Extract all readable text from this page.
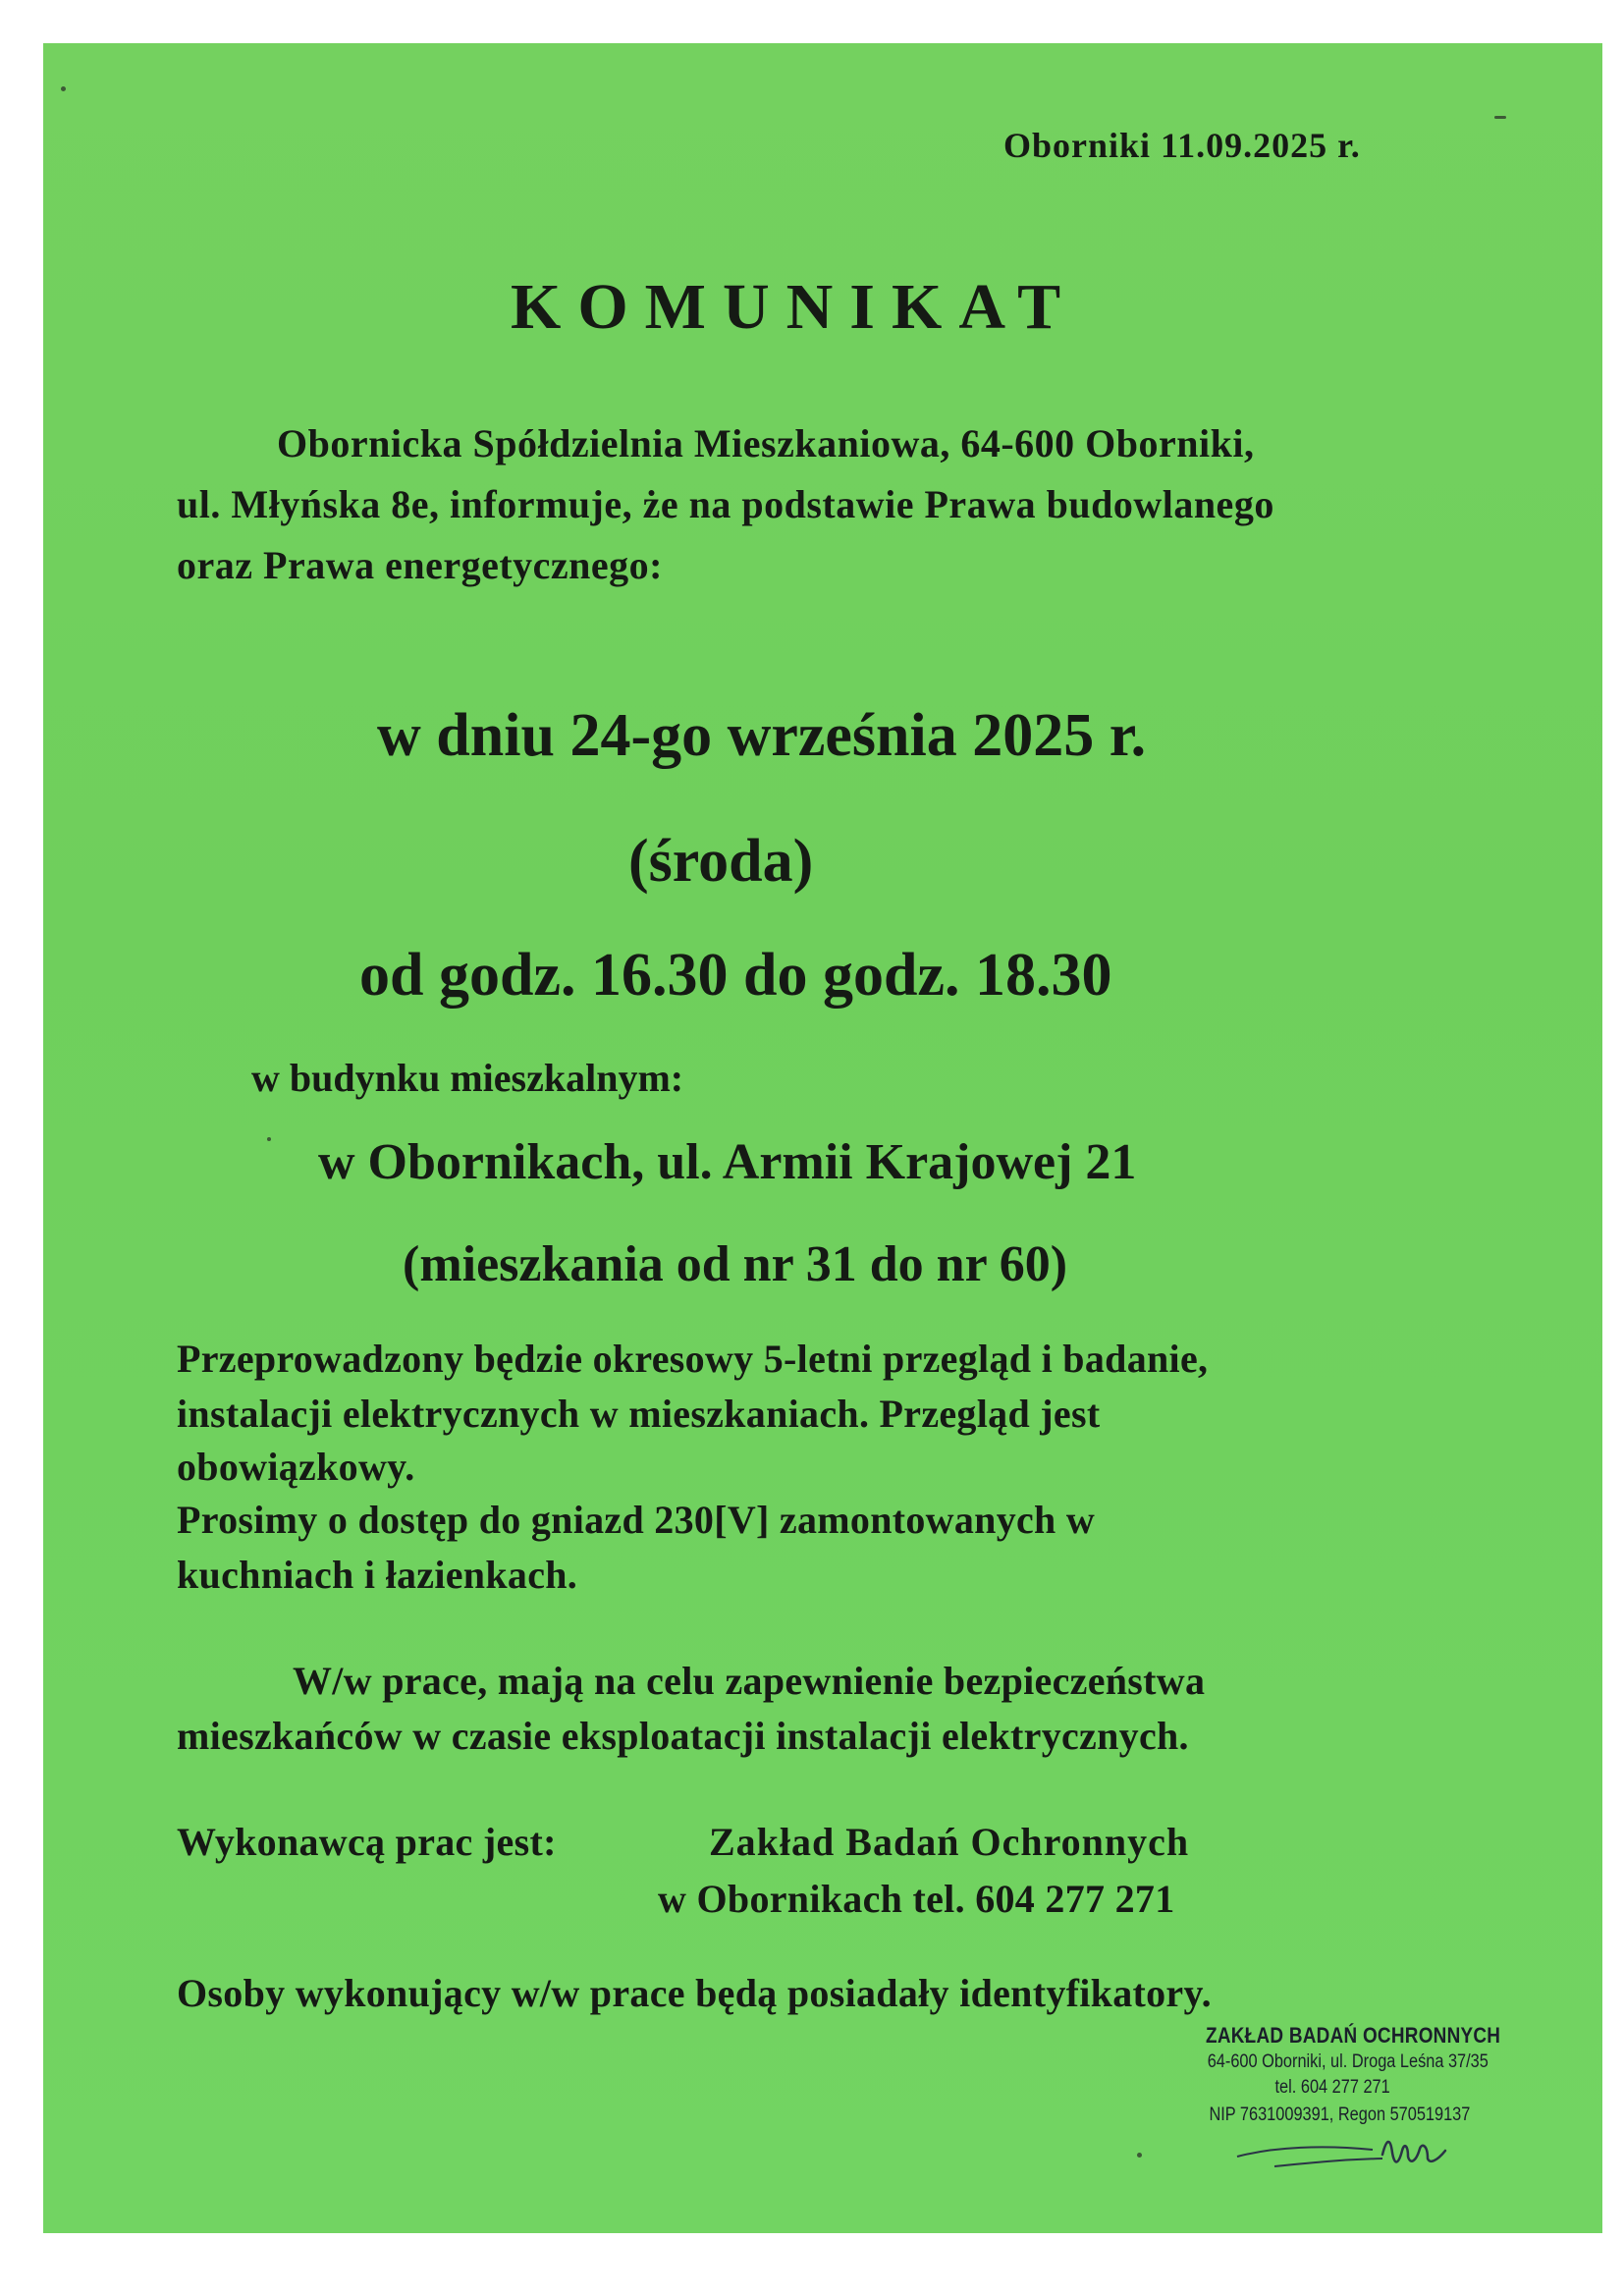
Oborniki 11.09.2025 r.
KOMUNIKAT
Obornicka Spółdzielnia Mieszkaniowa, 64-600 Oborniki,
ul. Młyńska 8e, informuje, że na podstawie Prawa budowlanego
oraz Prawa energetycznego:
w dniu 24-go września 2025 r.
(środa)
od godz. 16.30 do godz. 18.30
w budynku mieszkalnym:
w Obornikach, ul. Armii Krajowej 21
(mieszkania od nr 31 do nr 60)
Przeprowadzony będzie okresowy 5-letni przegląd i badanie,
instalacji elektrycznych w mieszkaniach. Przegląd jest
obowiązkowy.
Prosimy o dostęp do gniazd 230[V] zamontowanych w
kuchniach i łazienkach.
W/w prace, mają na celu zapewnienie bezpieczeństwa
mieszkańców w czasie eksploatacji instalacji elektrycznych.
Wykonawcą prac jest:	Zakład Badań Ochronnych
w Obornikach tel. 604 277 271
Osoby wykonujący w/w prace będą posiadały identyfikatory.
ZAKŁAD BADAŃ OCHRONNYCH
64-600 Oborniki, ul. Droga Leśna 37/35
tel. 604 277 271
NIP 7631009391, Regon 570519137
